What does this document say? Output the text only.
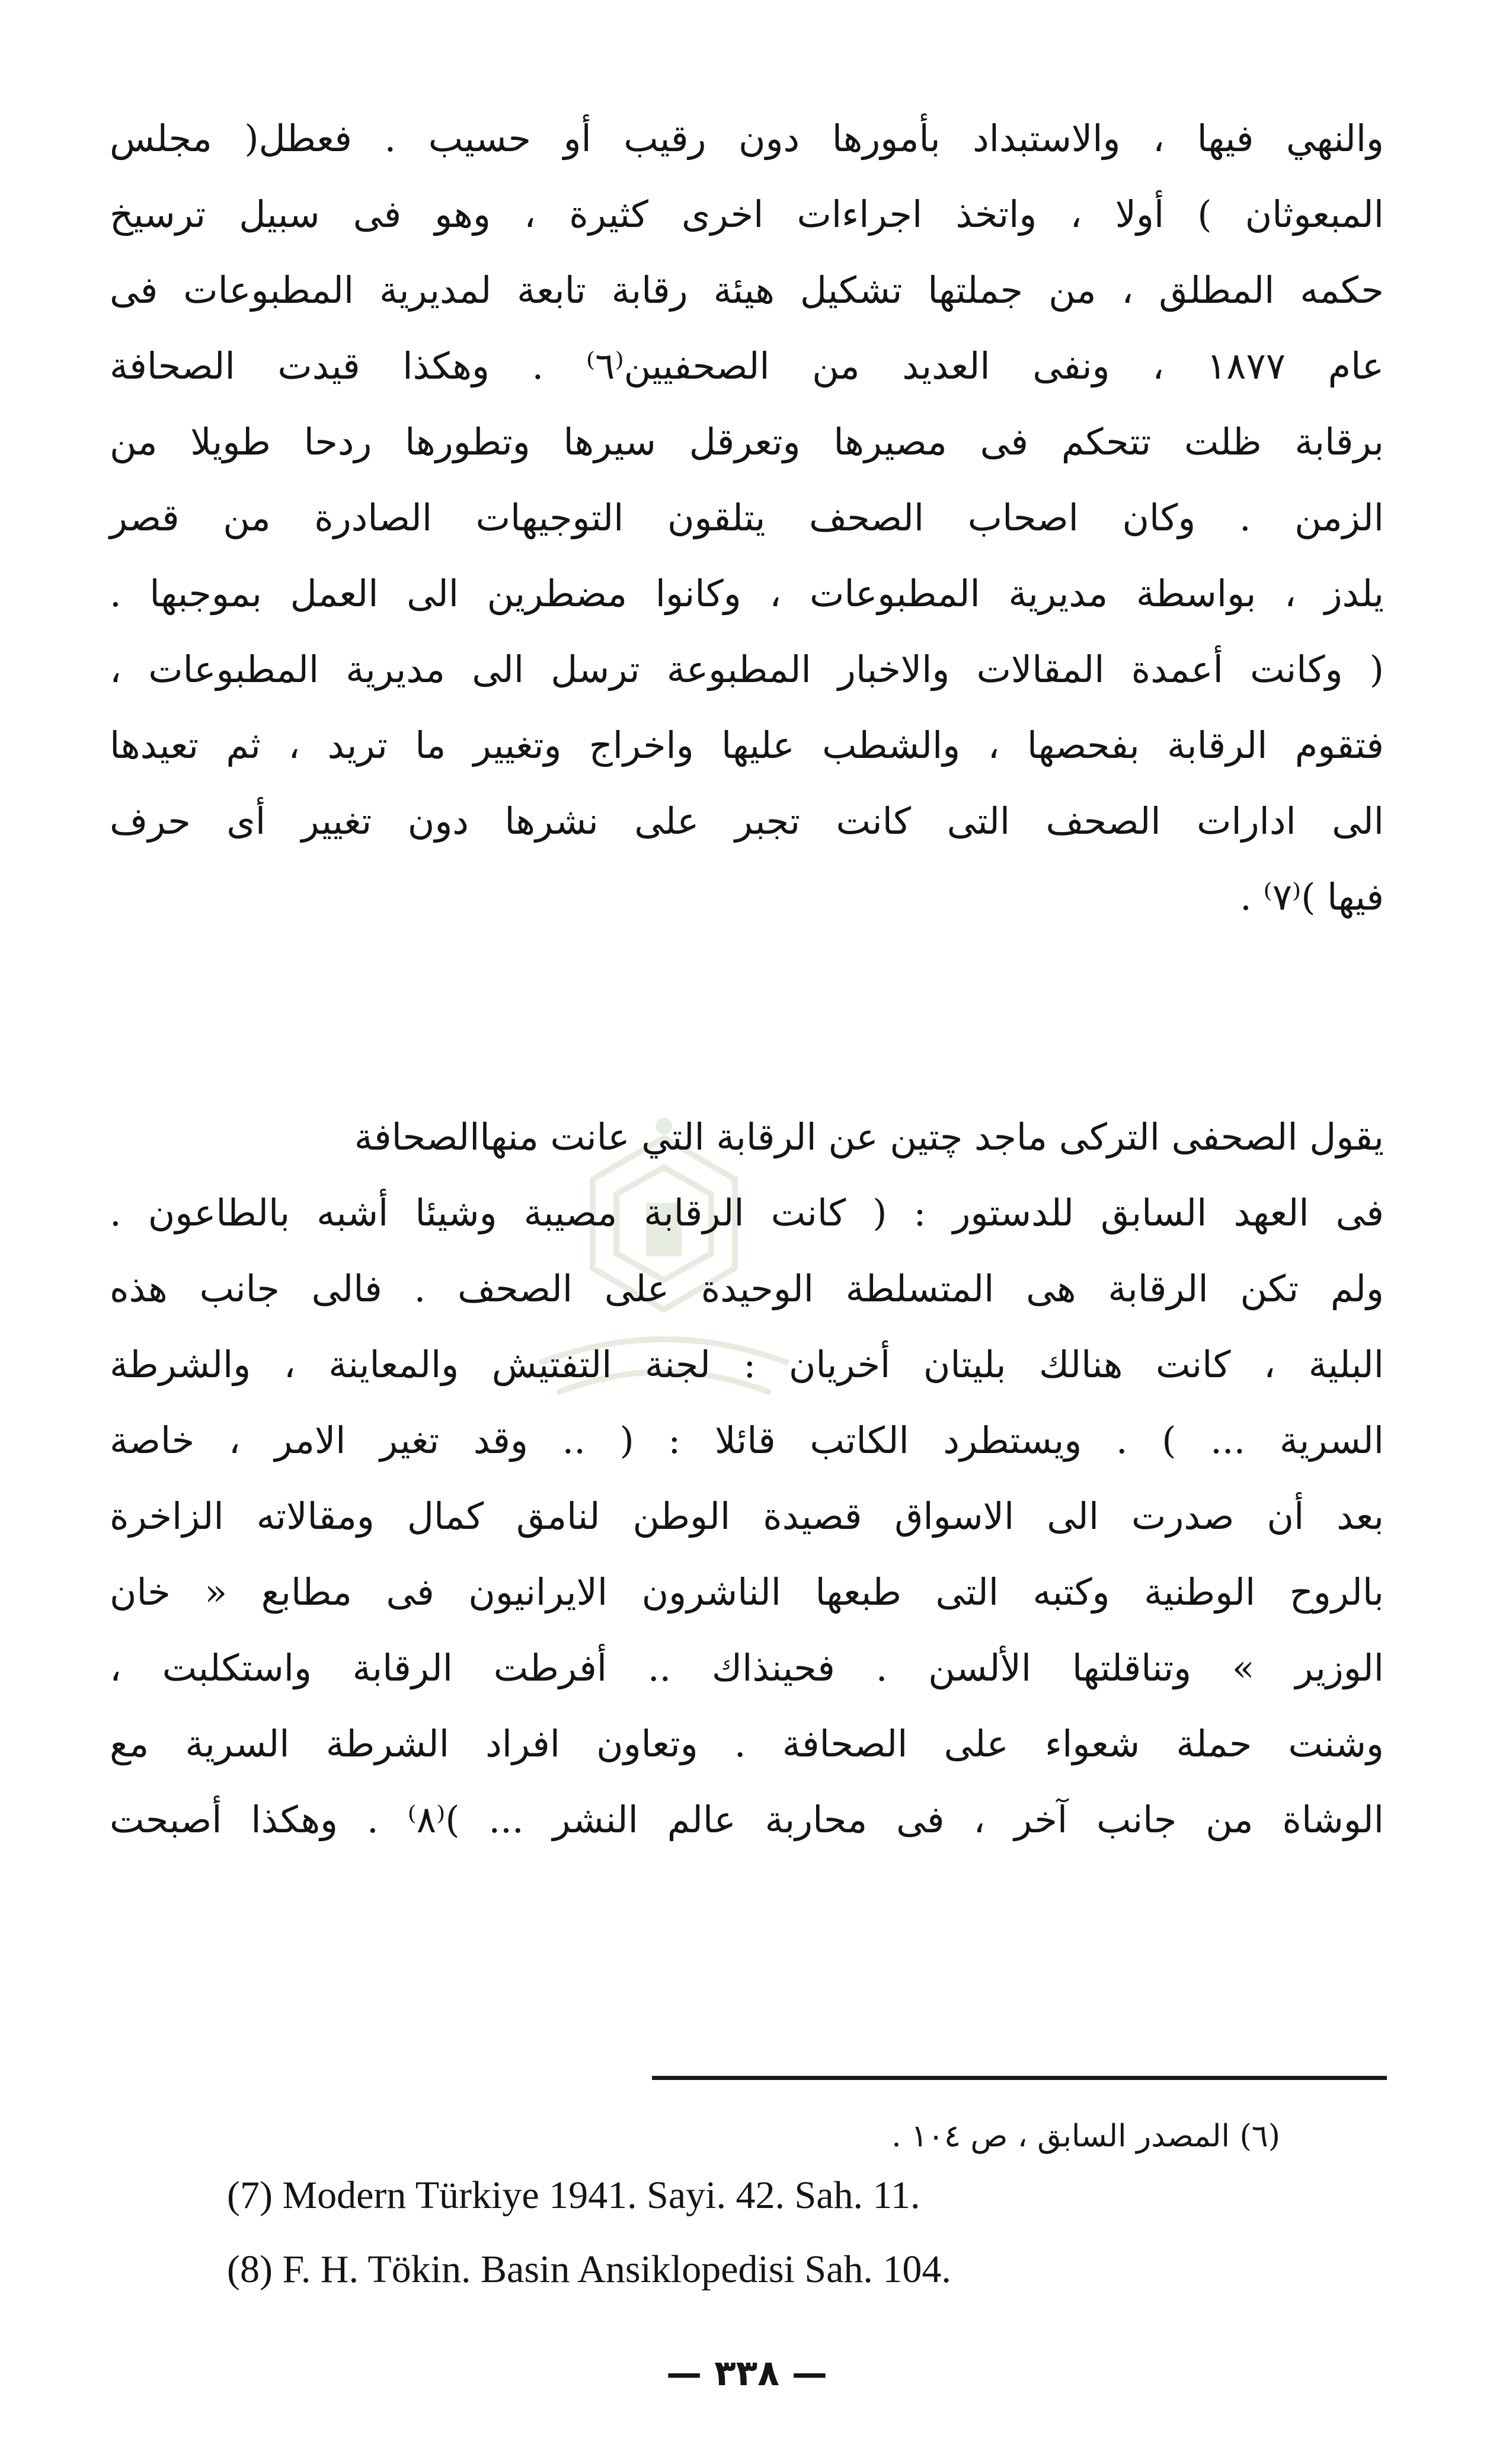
والنهي فيها ، والاستبداد بأمورها دون رقيب أو حسيب . فعطل( مجلس
المبعوثان ) أولا ، واتخذ اجراءات اخرى كثيرة ، وهو فى سبيل ترسيخ
حكمه المطلق ، من جملتها تشكيل هيئة رقابة تابعة لمديرية المطبوعات فى
عام ١٨٧٧ ، ونفى العديد من الصحفيين⁽٦⁾ . وهكذا قيدت الصحافة
برقابة ظلت تتحكم فى مصيرها وتعرقل سيرها وتطورها ردحا طويلا من
الزمن . وكان اصحاب الصحف يتلقون التوجيهات الصادرة من قصر
يلدز ، بواسطة مديرية المطبوعات ، وكانوا مضطرين الى العمل بموجبها .
( وكانت أعمدة المقالات والاخبار المطبوعة ترسل الى مديرية المطبوعات ،
فتقوم الرقابة بفحصها ، والشطب عليها واخراج وتغيير ما تريد ، ثم تعيدها
الى ادارات الصحف التى كانت تجبر على نشرها دون تغيير أى حرف
فيها )⁽٧⁾ .
يقول الصحفى التركى ماجد چتين عن الرقابة التي عانت منهاالصحافة
فى العهد السابق للدستور : ( كانت الرقابة مصيبة وشيئا أشبه بالطاعون .
ولم تكن الرقابة هى المتسلطة الوحيدة على الصحف . فالى جانب هذه
البلية ، كانت هنالك بليتان أخريان : لجنة التفتيش والمعاينة ، والشرطة
السرية ... ) . ويستطرد الكاتب قائلا : ( .. وقد تغير الامر ، خاصة
بعد أن صدرت الى الاسواق قصيدة الوطن لنامق كمال ومقالاته الزاخرة
بالروح الوطنية وكتبه التى طبعها الناشرون الايرانيون فى مطابع « خان
الوزير » وتناقلتها الألسن . فحينذاك .. أفرطت الرقابة واستكلبت ،
وشنت حملة شعواء على الصحافة . وتعاون افراد الشرطة السرية مع
الوشاة من جانب آخر ، فى محاربة عالم النشر ... )⁽٨⁾ . وهكذا أصبحت
(٦) المصدر السابق ، ص ١٠٤ .
(7) Modern Türkiye 1941. Sayi. 42. Sah. 11.
(8) F. H. Tökin. Basin Ansiklopedisi Sah. 104.
— ٣٣٨ —
